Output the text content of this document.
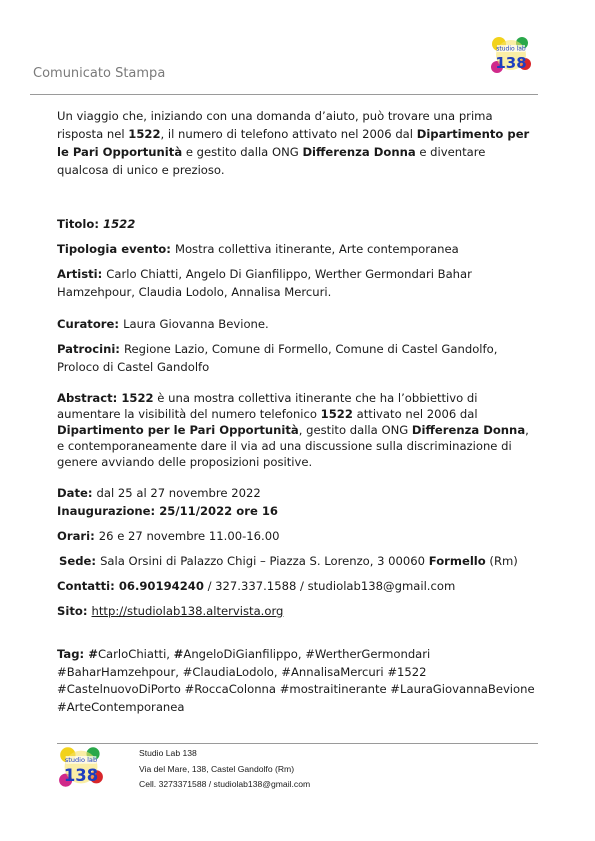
Comunicato Stampa
studio lab
138

Un viaggio che, iniziando con una domanda d’aiuto, può trovare una prima risposta nel 1522, il numero di telefono attivato nel 2006 dal Dipartimento per le Pari Opportunità e gestito dalla ONG Differenza Donna e diventare qualcosa di unico e prezioso.

Titolo: 1522

Tipologia evento: Mostra collettiva itinerante, Arte contemporanea

Artisti: Carlo Chiatti, Angelo Di Gianfilippo, Werther Germondari Bahar Hamzehpour, Claudia Lodolo, Annalisa Mercuri.

Curatore: Laura Giovanna Bevione.

Patrocini: Regione Lazio, Comune di Formello, Comune di Castel Gandolfo, Proloco di Castel Gandolfo

Abstract: 1522 è una mostra collettiva itinerante che ha l’obbiettivo di aumentare la visibilità del numero telefonico 1522 attivato nel 2006 dal Dipartimento per le Pari Opportunità, gestito dalla ONG Differenza Donna, e contemporaneamente dare il via ad una discussione sulla discriminazione di genere avviando delle proposizioni positive.

Date: dal 25 al 27 novembre 2022

Inaugurazione: 25/11/2022 ore 16

Orari: 26 e 27 novembre 11.00-16.00

Sede: Sala Orsini di Palazzo Chigi – Piazza S. Lorenzo, 3 00060 Formello (Rm)

Contatti: 06.90194240 / 327.337.1588 / studiolab138@gmail.com

Sito: http://studiolab138.altervista.org

Tag: #CarloChiatti, #AngeloDiGianfilippo, #WertherGermondari #BaharHamzehpour, #ClaudiaLodolo, #AnnalisaMercuri #1522 #CastelnuovoDiPorto #RoccaColonna #mostraitinerante #LauraGiovannaBevione #ArteContemporanea

studio lab
138
Studio Lab 138
Via del Mare, 138, Castel Gandolfo (Rm)
Cell. 3273371588 / studiolab138@gmail.com
